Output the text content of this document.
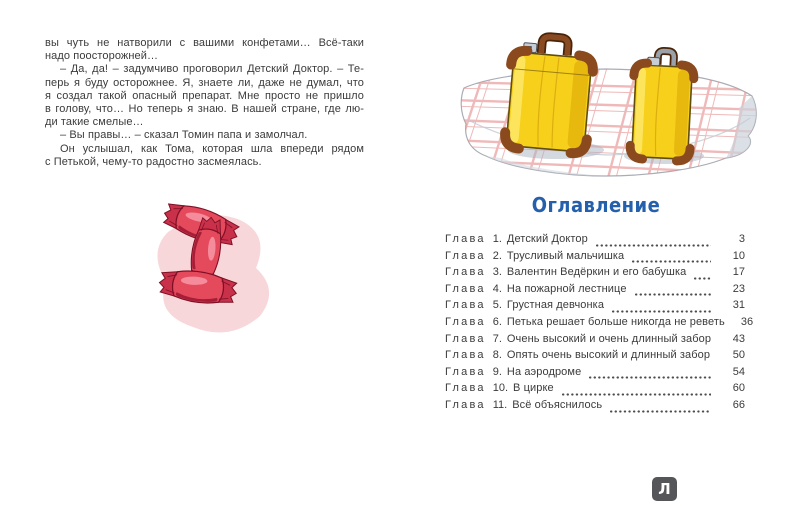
вы чуть не натворили с вашими конфетами… Всё-таки
надо поосторожней…
– Да, да! – задумчиво проговорил Детский Доктор. – Те-
перь я буду осторожнее. Я, знаете ли, даже не думал, что
я создал такой опасный препарат. Мне просто не пришло
в голову, что… Но теперь я знаю. В нашей стране, где лю-
ди такие смелые…
– Вы правы… – сказал Томин папа и замолчал.
Он услышал, как Тома, которая шла впереди рядом
с Петькой, чему-то радостно засмеялась.
Оглавление
Глава 1. Детский Доктор	3
Глава 2. Трусливый мальчишка	10
Глава 3. Валентин Ведёркин и его бабушка	17
Глава 4. На пожарной лестнице	23
Глава 5. Грустная девчонка	31
Глава 6. Петька решает больше никогда не реветь 36
Глава 7. Очень высокий и очень длинный забор	43
Глава 8. Опять очень высокий и длинный забор	50
Глава 9. На аэродроме	54
Глава 10. В цирке	60
Глава 11. Всё объяснилось	66
Л
